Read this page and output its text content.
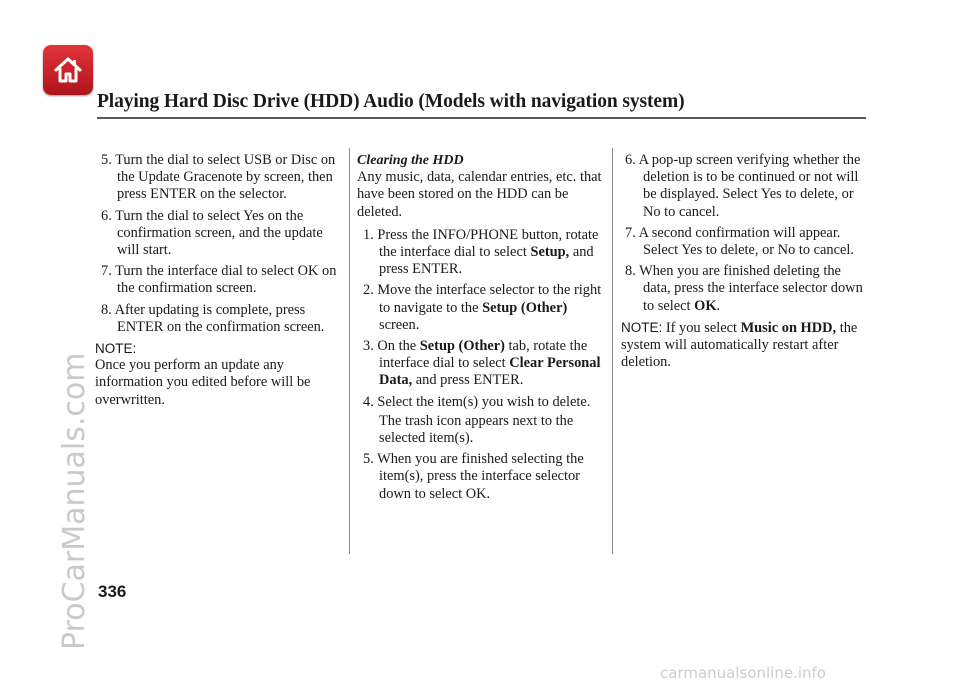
Playing Hard Disc Drive (HDD) Audio (Models with navigation system)
5. Turn the dial to select USB or Disc on the Update Gracenote by screen, then press ENTER on the selector.
6. Turn the dial to select Yes on the confirmation screen, and the update will start.
7. Turn the interface dial to select OK on the confirmation screen.
8. After updating is complete, press ENTER on the confirmation screen.
NOTE:
Once you perform an update any information you edited before will be overwritten.
Clearing the HDD
Any music, data, calendar entries, etc. that have been stored on the HDD can be deleted.
1. Press the INFO/PHONE button, rotate the interface dial to select Setup, and press ENTER.
2. Move the interface selector to the right to navigate to the Setup (Other) screen.
3. On the Setup (Other) tab, rotate the interface dial to select Clear Personal Data, and press ENTER.
4. Select the item(s) you wish to delete.
The trash icon appears next to the selected item(s).
5. When you are finished selecting the item(s), press the interface selector down to select OK.
6. A pop-up screen verifying whether the deletion is to be continued or not will be displayed. Select Yes to delete, or No to cancel.
7. A second confirmation will appear. Select Yes to delete, or No to cancel.
8. When you are finished deleting the data, press the interface selector down to select OK.
NOTE: If you select Music on HDD, the system will automatically restart after deletion.
336
ProCarManuals.com
carmanualsonline.info
